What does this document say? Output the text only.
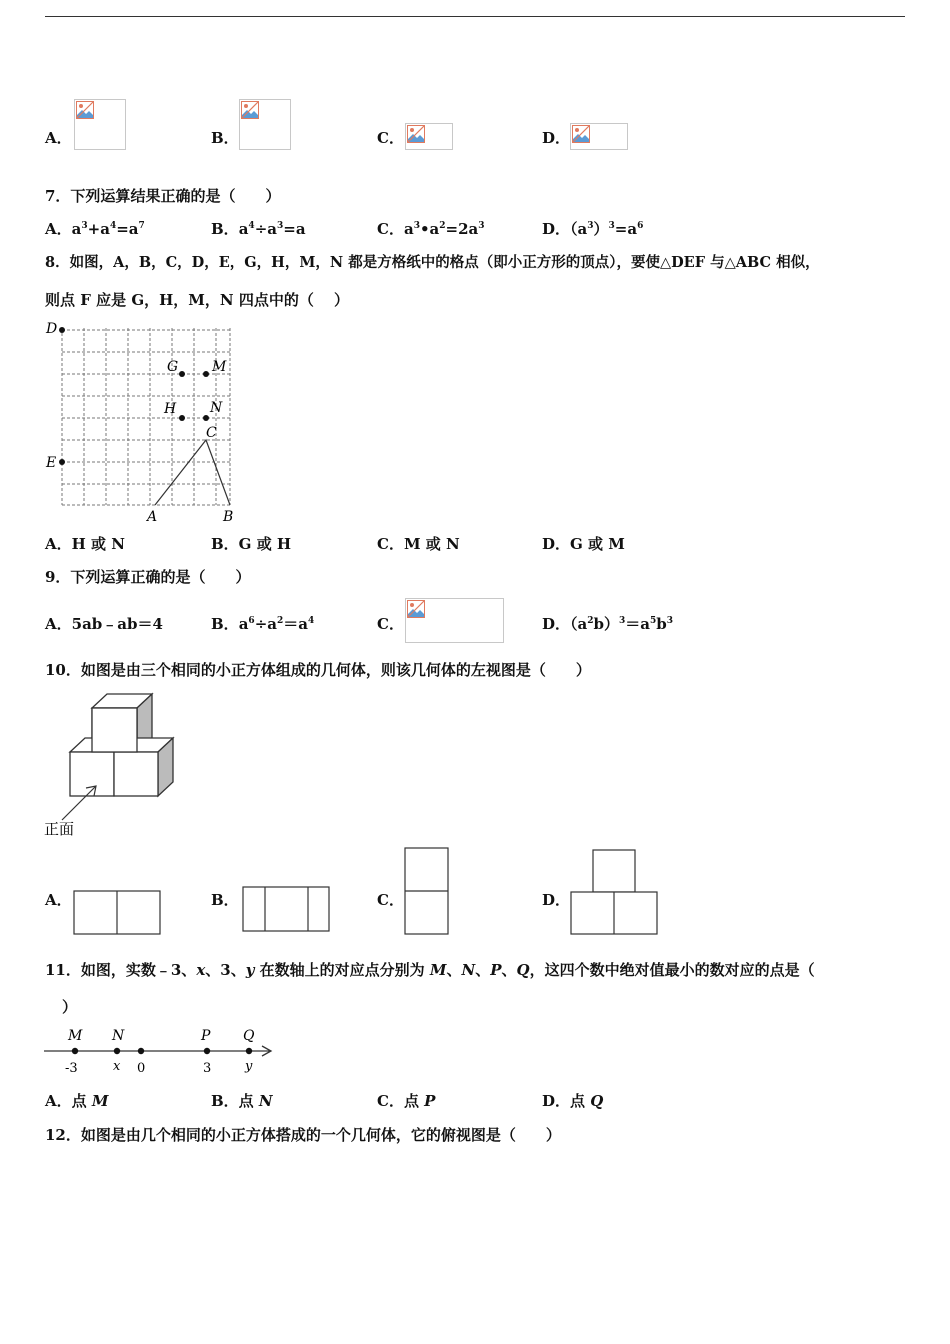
A．	B．	C．	D．
7．下列运算结果正确的是（　　）
A．$a^3+a^4=a^7$	B．$a^4\div a^3=a$	C．$a^3•a^2=2a^3$	D．$(a^3)^3=a^6$
8．如图，A，B，C，D，E，G，H，M，N 都是方格纸中的格点（即小正方形的顶点），要使△DEF 与△ABC 相似，
则点 F 应是 G，H，M，N 四点中的（　 ）
D
E
G M
H N
C
A	B
A．H 或 N	B．G 或 H	C．M 或 N	D．G 或 M
9．下列运算正确的是（　　）
A．5ab﹣ab＝4	B．$a^6\div a^2=a^4$	C．	D．$(a^2b)^3=a^5b^3$
10．如图是由三个相同的小正方体组成的几何体，则该几何体的左视图是（　　）
正面
A．	B．	C．	D．
11．如图，实数﹣3、x、3、y 在数轴上的对应点分别为 M、N、P、Q，这四个数中绝对值最小的数对应的点是（
）
M N	P Q
-3	x 0	3	y
A．点 M	B．点 N	C．点 P	D．点 Q
12．如图是由几个相同的小正方体搭成的一个几何体，它的俯视图是（　　）
